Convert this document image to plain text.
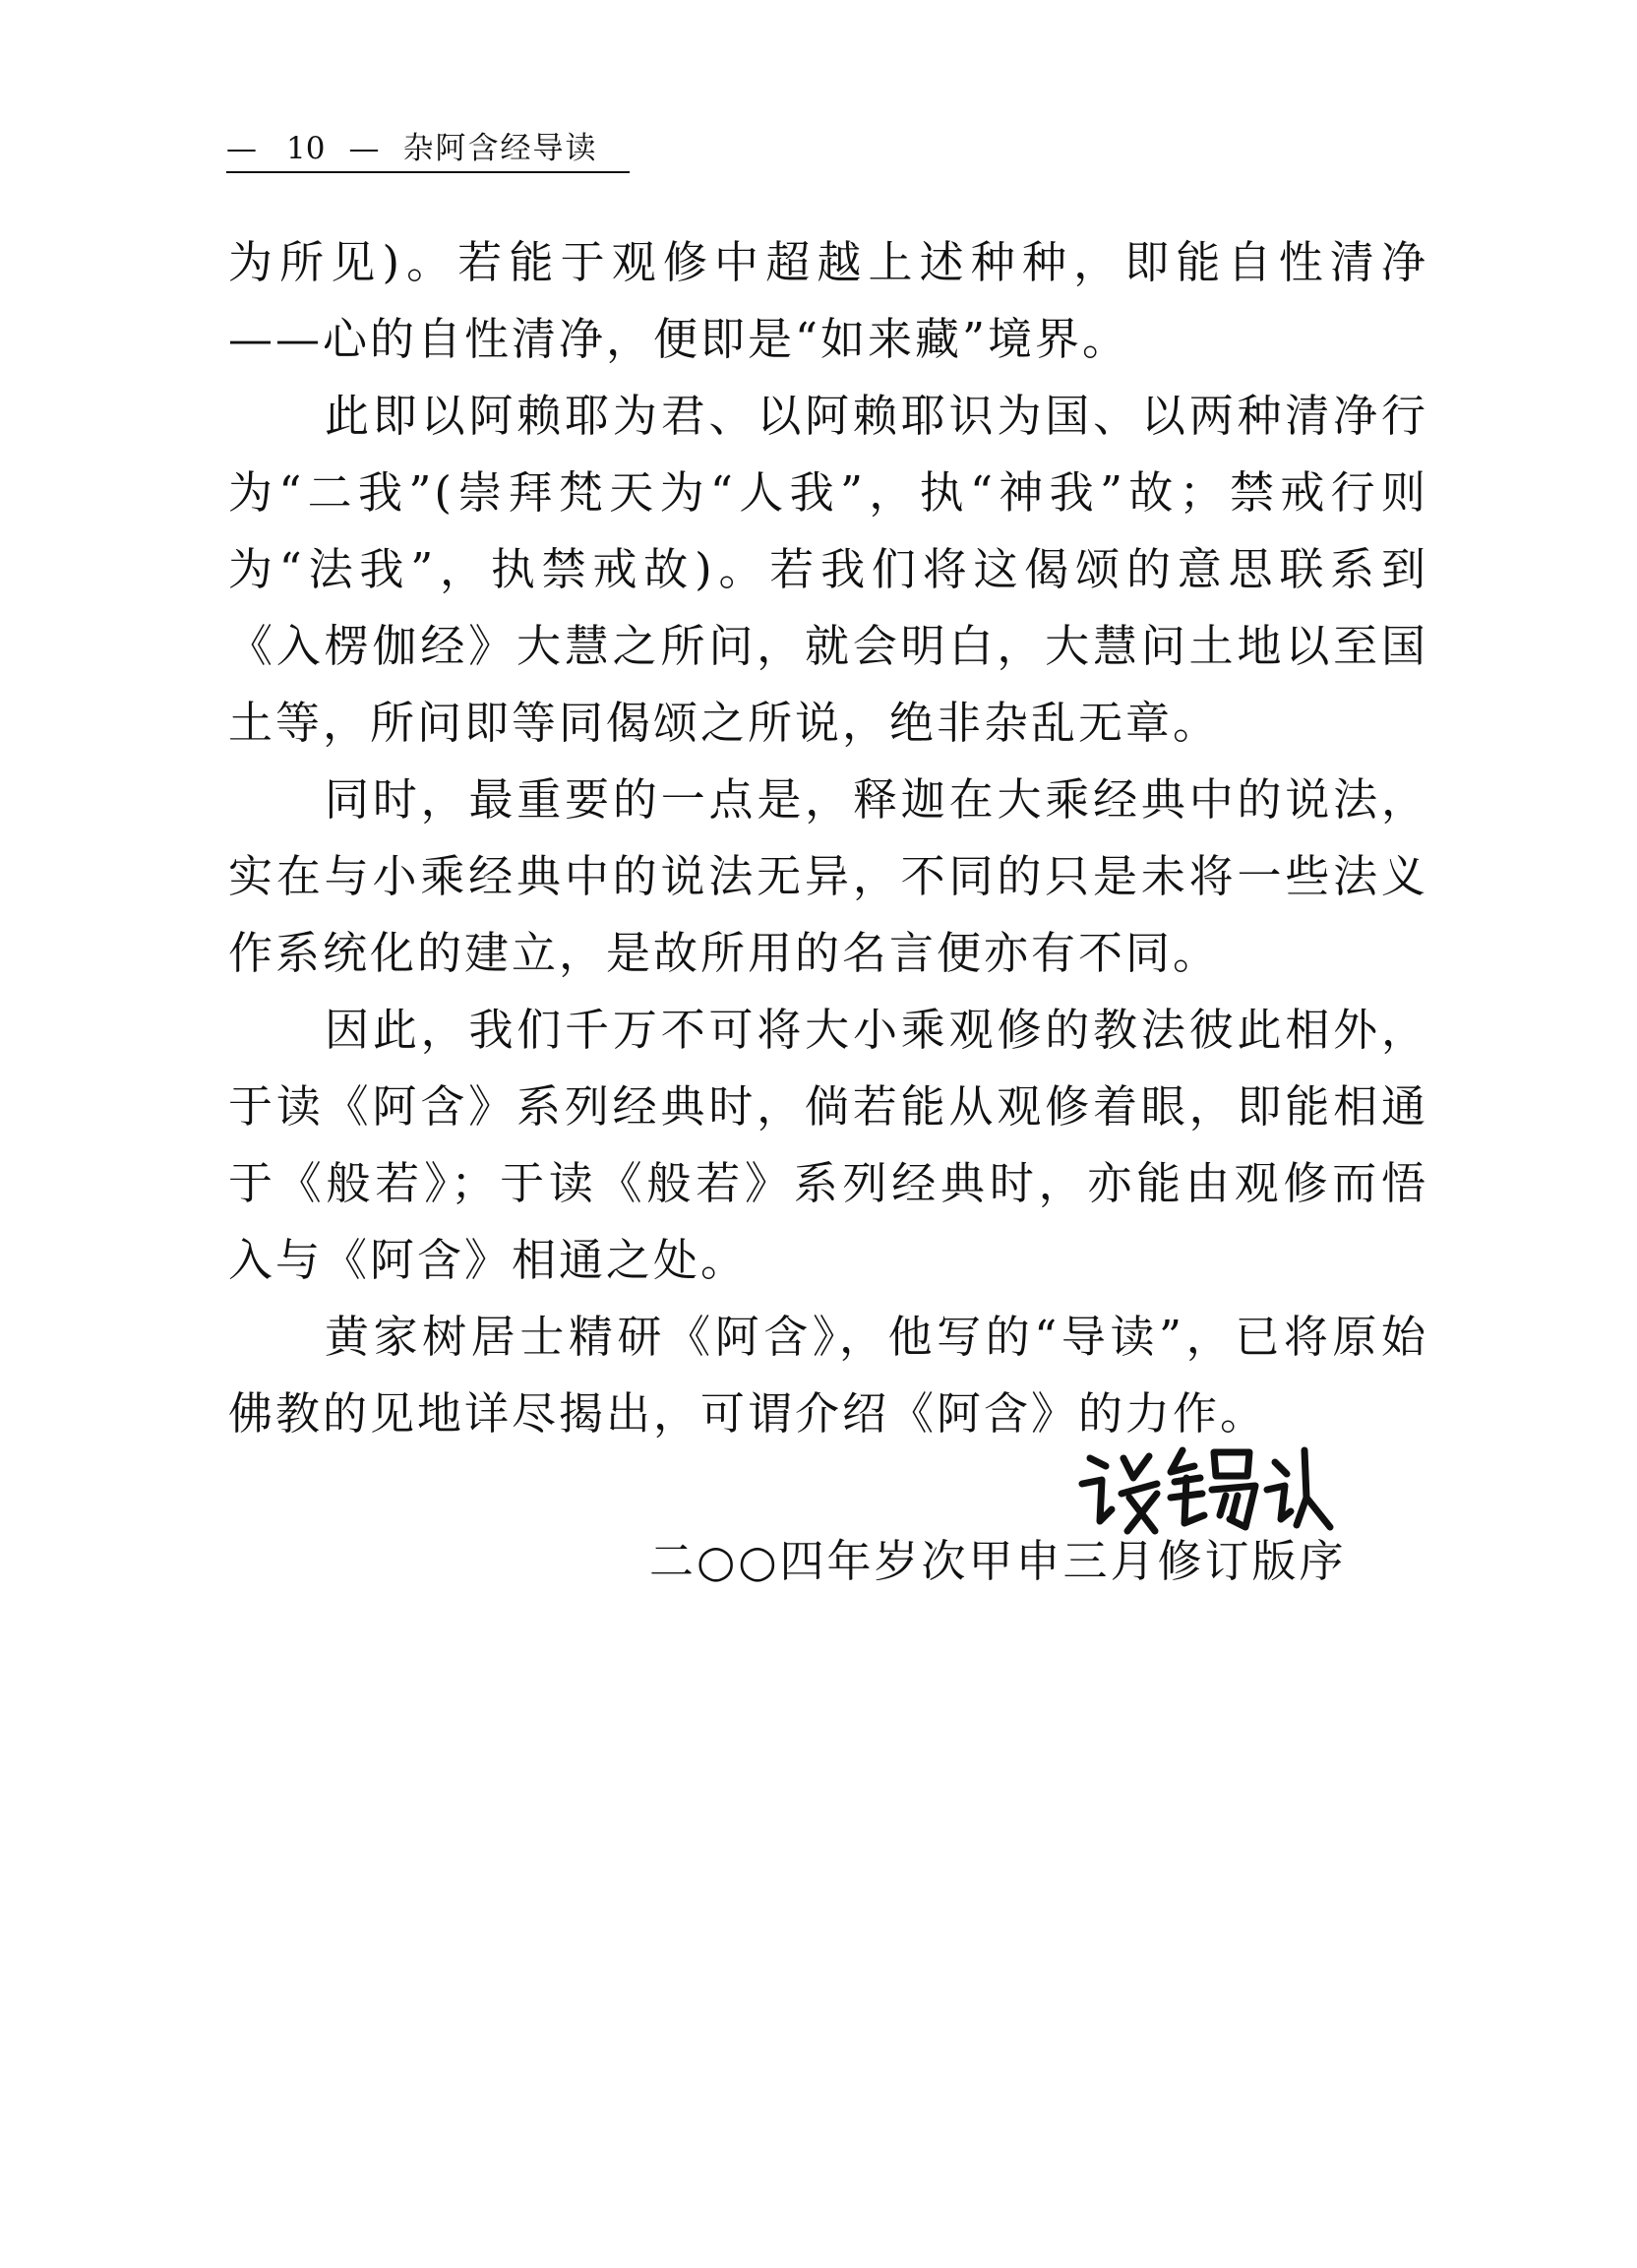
— 10 — 杂阿含经导读

为所见)。若能于观修中超越上述种种，即能自性清净——心的自性清净，便即是“如来藏”境界。

此即以阿赖耶为君、以阿赖耶识为国、以两种清净行为“二我”(崇拜梵天为“人我”，执“神我”故；禁戒行则为“法我”，执禁戒故)。若我们将这偈颂的意思联系到《入楞伽经》大慧之所问，就会明白，大慧问土地以至国土等，所问即等同偈颂之所说，绝非杂乱无章。

同时，最重要的一点是，释迦在大乘经典中的说法，实在与小乘经典中的说法无异，不同的只是未将一些法义作系统化的建立，是故所用的名言便亦有不同。

因此，我们千万不可将大小乘观修的教法彼此相外，于读《阿含》系列经典时，倘若能从观修着眼，即能相通于《般若》；于读《般若》系列经典时，亦能由观修而悟入与《阿含》相通之处。

黄家树居士精研《阿含》，他写的“导读”，已将原始佛教的见地详尽揭出，可谓介绍《阿含》的力作。

二○○四年岁次甲申三月修订版序
